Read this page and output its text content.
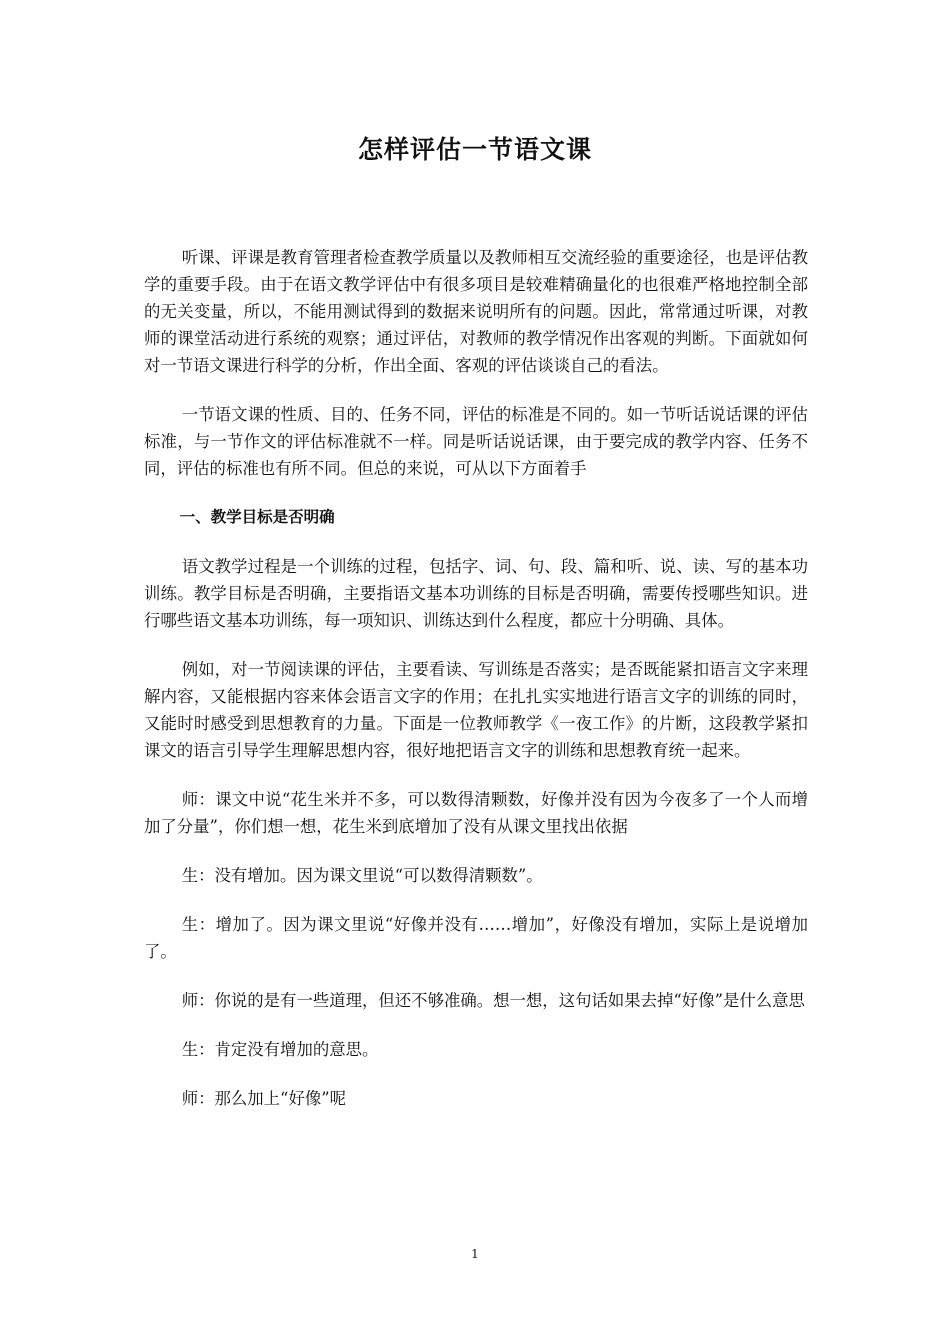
怎样评估一节语文课

听课、评课是教育管理者检查教学质量以及教师相互交流经验的重要途径，也是评估教学的重要手段。由于在语文教学评估中有很多项目是较难精确量化的也很难严格地控制全部的无关变量，所以，不能用测试得到的数据来说明所有的问题。因此，常常通过听课，对教师的课堂活动进行系统的观察；通过评估，对教师的教学情况作出客观的判断。下面就如何对一节语文课进行科学的分析，作出全面、客观的评估谈谈自己的看法。

一节语文课的性质、目的、任务不同，评估的标准是不同的。如一节听话说话课的评估标准，与一节作文的评估标准就不一样。同是听话说话课，由于要完成的教学内容、任务不同，评估的标准也有所不同。但总的来说，可从以下方面着手

一、教学目标是否明确

语文教学过程是一个训练的过程，包括字、词、句、段、篇和听、说、读、写的基本功训练。教学目标是否明确，主要指语文基本功训练的目标是否明确，需要传授哪些知识。进行哪些语文基本功训练，每一项知识、训练达到什么程度，都应十分明确、具体。

例如，对一节阅读课的评估，主要看读、写训练是否落实；是否既能紧扣语言文字来理解内容，又能根据内容来体会语言文字的作用；在扎扎实实地进行语言文字的训练的同时，又能时时感受到思想教育的力量。下面是一位教师教学《一夜工作》的片断，这段教学紧扣课文的语言引导学生理解思想内容，很好地把语言文字的训练和思想教育统一起来。

师：课文中说“花生米并不多，可以数得清颗数，好像并没有因为今夜多了一个人而增加了分量”，你们想一想，花生米到底增加了没有从课文里找出依据

生：没有增加。因为课文里说“可以数得清颗数”。

生：增加了。因为课文里说“好像并没有……增加”，好像没有增加，实际上是说增加了。

师：你说的是有一些道理，但还不够准确。想一想，这句话如果去掉“好像”是什么意思

生：肯定没有增加的意思。

师：那么加上“好像”呢

1
